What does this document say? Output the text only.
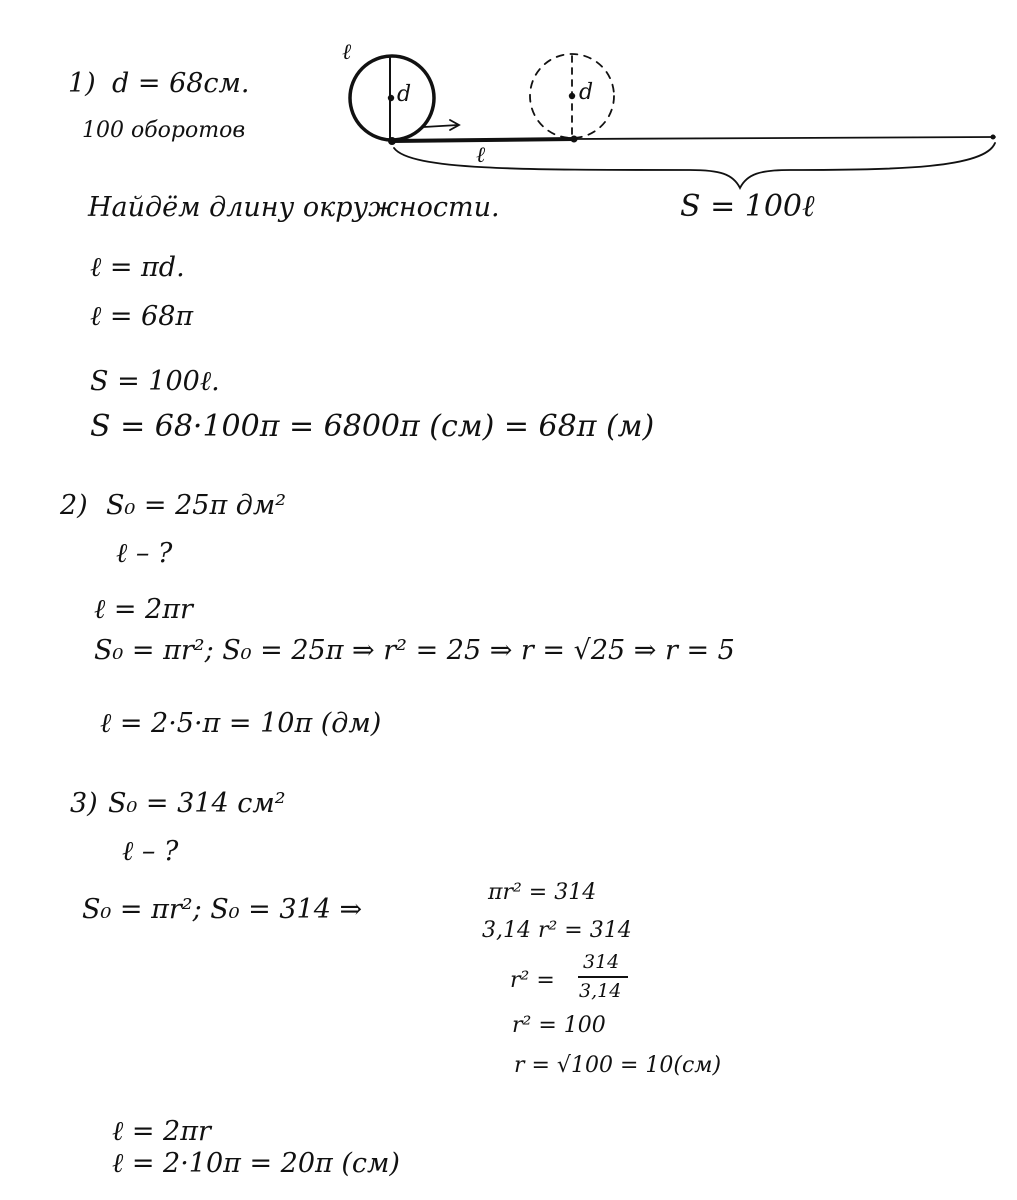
ℓ
d	d
ℓ
S = 100ℓ
1) d = 68см.
100 оборотов
Найдём длину окружности.
ℓ = πd.
ℓ = 68π
S = 100ℓ.
S = 68·100π = 6800π (см) = 68π (м)
2) S₀ = 25π дм²
ℓ – ?
ℓ = 2πr
S₀ = πr²; S₀ = 25π ⇒ r² = 25 ⇒ r = √25 ⇒ r = 5
ℓ = 2·5·π = 10π (дм)
3) S₀ = 314 см²
ℓ – ?
S₀ = πr²; S₀ = 314 ⇒
πr² = 314
3,14 r² = 314
r² =
314
3,14
r² = 100
r = √100 = 10(см)
ℓ = 2πr
ℓ = 2·10π = 20π (см)
